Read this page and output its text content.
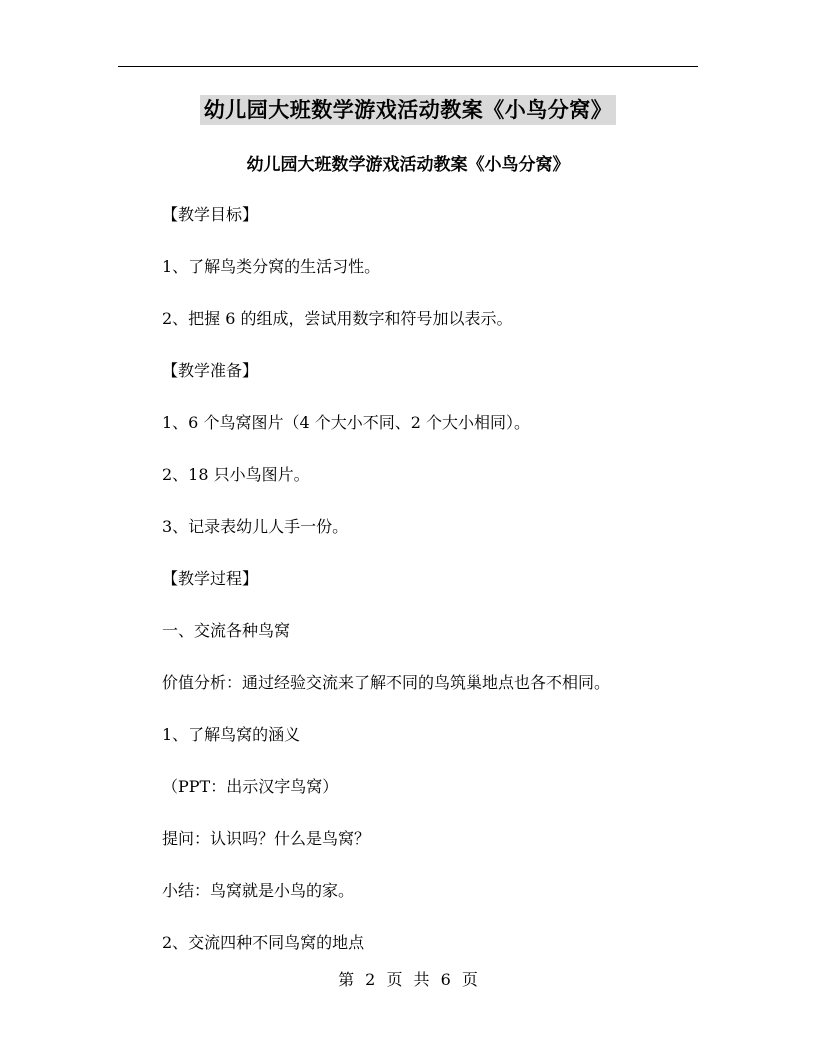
幼儿园大班数学游戏活动教案《小鸟分窝》
幼儿园大班数学游戏活动教案《小鸟分窝》
【教学目标】
1、了解鸟类分窝的生活习性。
2、把握 6 的组成，尝试用数字和符号加以表示。
【教学准备】
1、6 个鸟窝图片（4 个大小不同、2 个大小相同）。
2、18 只小鸟图片。
3、记录表幼儿人手一份。
【教学过程】
一、交流各种鸟窝
价值分析：通过经验交流来了解不同的鸟筑巢地点也各不相同。
1、了解鸟窝的涵义
（PPT：出示汉字鸟窝）
提问：认识吗？什么是鸟窝？
小结：鸟窝就是小鸟的家。
2、交流四种不同鸟窝的地点
第 2 页 共 6 页
